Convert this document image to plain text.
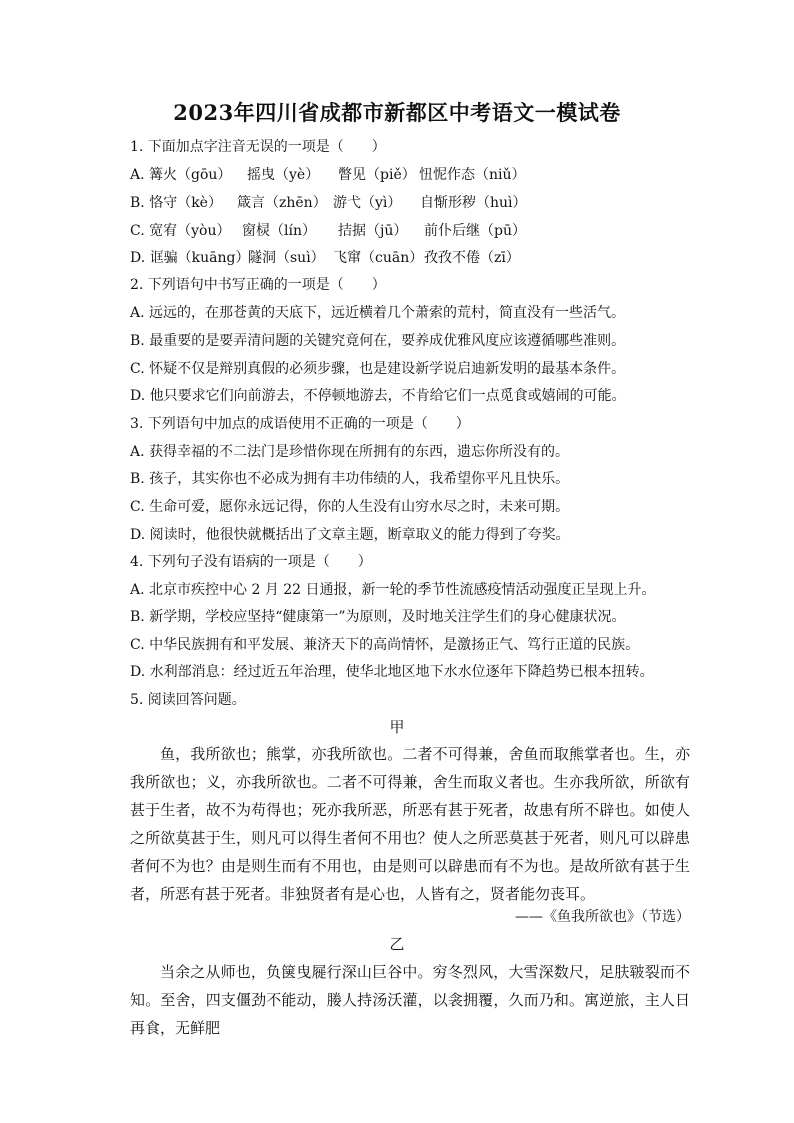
2023年四川省成都市新都区中考语文一模试卷
1. 下面加点字注音无误的一项是（　　）
A. 篝火（gōu） 摇曳（yè） 瞥见（piě） 忸怩作态（niǔ）
B. 恪守（kè） 箴言（zhēn） 游弋（yì） 自惭形秽（huì）
C. 宽宥（yòu） 窗棂（lín） 拮据（jū） 前仆后继（pū）
D. 诓骗（kuāng）隧洞（suì） 飞窜（cuān）孜孜不倦（zī）
2. 下列语句中书写正确的一项是（　　）
A. 远远的，在那苍黄的天底下，远近横着几个萧索的荒村，简直没有一些活气。
B. 最重要的是要弄清问题的关键究竟何在，要养成优雅风度应该遵循哪些准则。
C. 怀疑不仅是辩别真假的必须步骤，也是建设新学说启迪新发明的最基本条件。
D. 他只要求它们向前游去，不停顿地游去，不肯给它们一点觅食或嬉闹的可能。
3. 下列语句中加点的成语使用不正确的一项是（　　）
A. 获得幸福的不二法门是珍惜你现在所拥有的东西，遗忘你所没有的。
B. 孩子，其实你也不必成为拥有丰功伟绩的人，我希望你平凡且快乐。
C. 生命可爱，愿你永远记得，你的人生没有山穷水尽之时，未来可期。
D. 阅读时，他很快就概括出了文章主题，断章取义的能力得到了夸奖。
4. 下列句子没有语病的一项是（　　）
A. 北京市疾控中心 2 月 22 日通报，新一轮的季节性流感疫情活动强度正呈现上升。
B. 新学期，学校应坚持“健康第一”为原则，及时地关注学生们的身心健康状况。
C. 中华民族拥有和平发展、兼济天下的高尚情怀，是激扬正气、笃行正道的民族。
D. 水利部消息：经过近五年治理，使华北地区地下水水位逐年下降趋势已根本扭转。
5. 阅读回答问题。
甲
鱼，我所欲也；熊掌，亦我所欲也。二者不可得兼，舍鱼而取熊掌者也。生，亦我所欲也；义，亦我所欲也。二者不可得兼，舍生而取义者也。生亦我所欲，所欲有甚于生者，故不为苟得也；死亦我所恶，所恶有甚于死者，故患有所不辟也。如使人之所欲莫甚于生，则凡可以得生者何不用也？使人之所恶莫甚于死者，则凡可以辟患者何不为也？由是则生而有不用也，由是则可以辟患而有不为也。是故所欲有甚于生者，所恶有甚于死者。非独贤者有是心也，人皆有之，贤者能勿丧耳。
——《鱼我所欲也》（节选）
乙
当余之从师也，负箧曳屣行深山巨谷中。穷冬烈风，大雪深数尺，足肤皲裂而不知。至舍，四支僵劲不能动，媵人持汤沃灌，以衾拥覆，久而乃和。寓逆旅，主人日再食，无鲜肥
